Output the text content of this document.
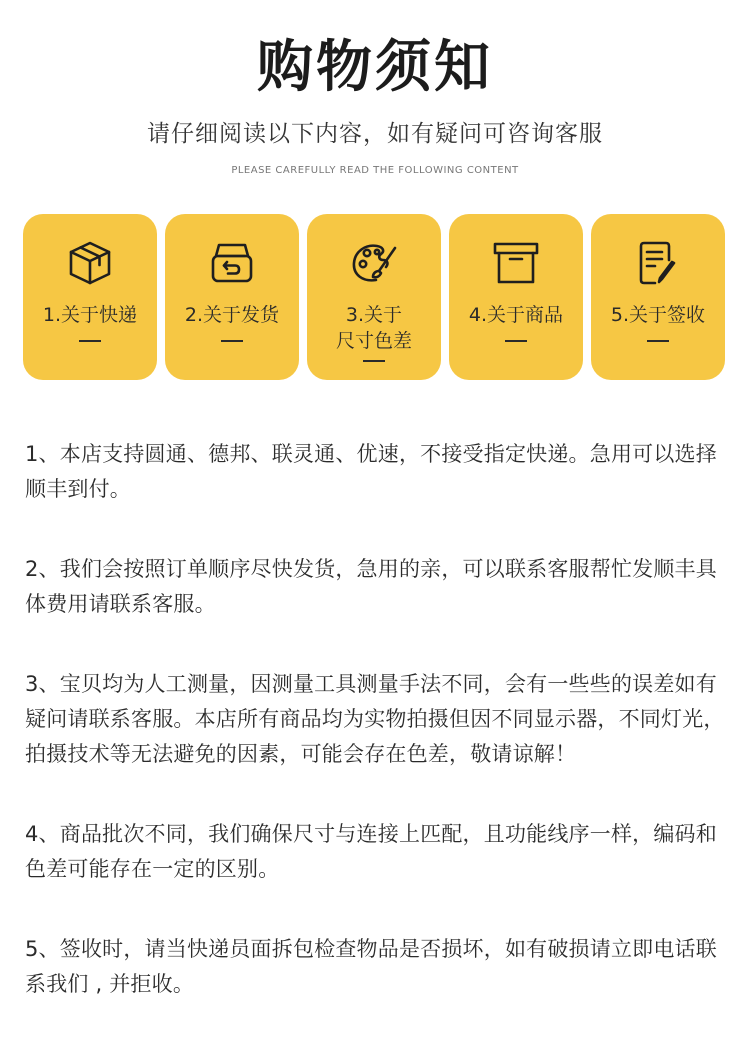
购物须知
请仔细阅读以下内容，如有疑问可咨询客服
PLEASE CAREFULLY READ THE FOLLOWING CONTENT
1.关于快递	2.关于发货	3.关于
尺寸色差
4.关于商品	5.关于签收

1、本店支持圆通、德邦、联灵通、优速，不接受指定快递。急用可以选择顺丰到付。

2、我们会按照订单顺序尽快发货，急用的亲，可以联系客服帮忙发顺丰具体费用请联系客服。

3、宝贝均为人工测量，因测量工具测量手法不同，会有一些些的误差如有疑问请联系客服。本店所有商品均为实物拍摄但因不同显示器，不同灯光，拍摄技术等无法避免的因素，可能会存在色差，敬请谅解！

4、商品批次不同，我们确保尺寸与连接上匹配，且功能线序一样，编码和色差可能存在一定的区别。

5、签收时，请当快递员面拆包检查物品是否损坏，如有破损请立即电话联系我们 , 并拒收。
